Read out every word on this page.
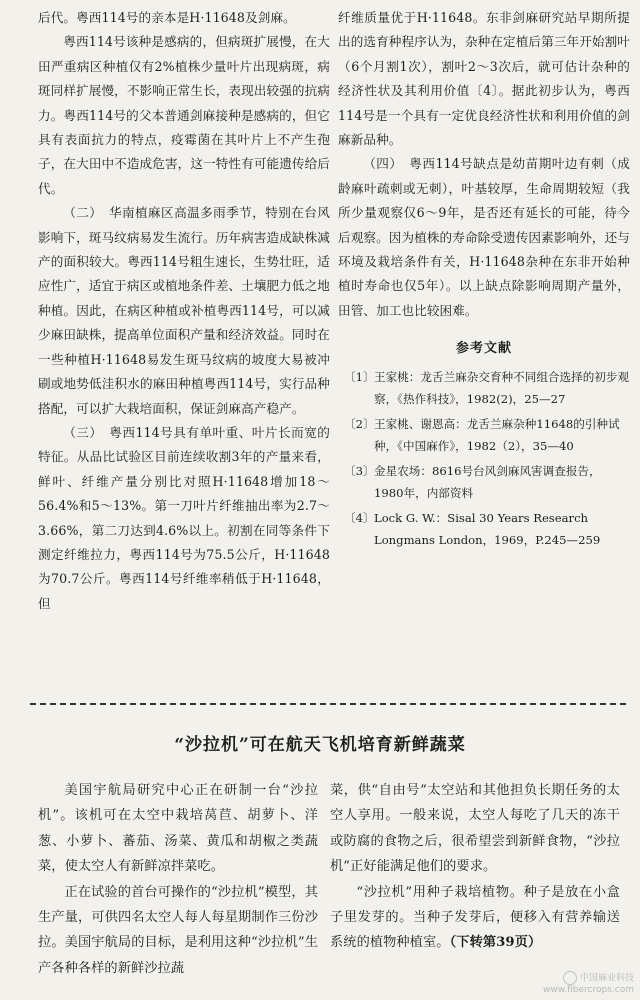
后代。粤西114号的亲本是H·11648及剑麻。

粤西114号该种是感病的，但病斑扩展慢，在大田严重病区种植仅有2%植株少量叶片出现病斑，病斑同样扩展慢，不影响正常生长，表现出较强的抗病力。粤西114号的父本普通剑麻接种是感病的，但它具有表面抗力的特点，疫霉菌在其叶片上不产生孢子，在大田中不造成危害，这一特性有可能遗传给后代。

（二）　华南植麻区高温多雨季节，特别在台风影响下，斑马纹病易发生流行。历年病害造成缺株减产的面积较大。粤西114号粗生速长，生势壮旺，适应性广，适宜于病区或植地条件差、土壤肥力低之地种植。因此，在病区种植或补植粤西114号，可以减少麻田缺株，提高单位面积产量和经济效益。同时在一些种植H·11648易发生斑马纹病的坡度大易被冲刷或地势低洼积水的麻田种植粤西114号，实行品种搭配，可以扩大栽培面积，保证剑麻高产稳产。

（三）　粤西114号具有单叶重、叶片长而宽的特征。从品比试验区目前连续收割3年的产量来看，鲜叶、纤维产量分别比对照H·11648增加18～56.4%和5～13%。第一刀叶片纤维抽出率为2.7～3.66%，第二刀达到4.6%以上。初割在同等条件下测定纤维拉力，粤西114号为75.5公斤，H·11648为70.7公斤。粤西114号纤维率稍低于H·11648，但

纤维质量优于H·11648。东非剑麻研究站早期所提出的选育种程序认为，杂种在定植后第三年开始割叶（6个月割1次），割叶2～3次后，就可估计杂种的经济性状及其利用价值〔4〕。据此初步认为，粤西114号是一个具有一定优良经济性状和利用价值的剑麻新品种。

（四）　粤西114号缺点是幼苗期叶边有刺（成龄麻叶疏刺或无刺），叶基较厚，生命周期较短（我所少量观察仅6～9年，是否还有延长的可能，待今后观察。因为植株的寿命除受遗传因素影响外，还与环境及栽培条件有关，H·11648杂种在东非开始种植时寿命也仅5年）。以上缺点除影响周期产量外，田管、加工也比较困难。

参考文献
〔1〕 王家桃：龙舌兰麻杂交育种不同组合选择的初步观察，《热作科技》，1982(2)，25—27
〔2〕 王家桃、谢恩高：龙舌兰麻杂种11648的引种试种，《中国麻作》，1982（2），35—40
〔3〕 金星农场：8616号台风剑麻风害调查报告，1980年，内部资料
〔4〕 Lock G. W.：Sisal 30 Years Research Longmans London，1969，P.245—259
“沙拉机”可在航天飞机培育新鲜蔬菜

美国宇航局研究中心正在研制一台“沙拉机”。该机可在太空中栽培莴苣、胡萝卜、洋葱、小萝卜、蕃茄、汤菜、黄瓜和胡椒之类蔬菜，使太空人有新鲜凉拌菜吃。

正在试验的首台可操作的“沙拉机”模型，其生产量，可供四名太空人每人每星期制作三份沙拉。美国宇航局的目标，是利用这种“沙拉机”生产各种各样的新鲜沙拉蔬

菜，供“自由号”太空站和其他担负长期任务的太空人享用。一般来说，太空人每吃了几天的冻干或防腐的食物之后，很希望尝到新鲜食物，“沙拉机”正好能满足他们的要求。

“沙拉机”用种子栽培植物。种子是放在小盒子里发芽的。当种子发芽后，便移入有营养输送系统的植物种植室。（下转第39页）

中国麻业科技
www.fibercrops.com
